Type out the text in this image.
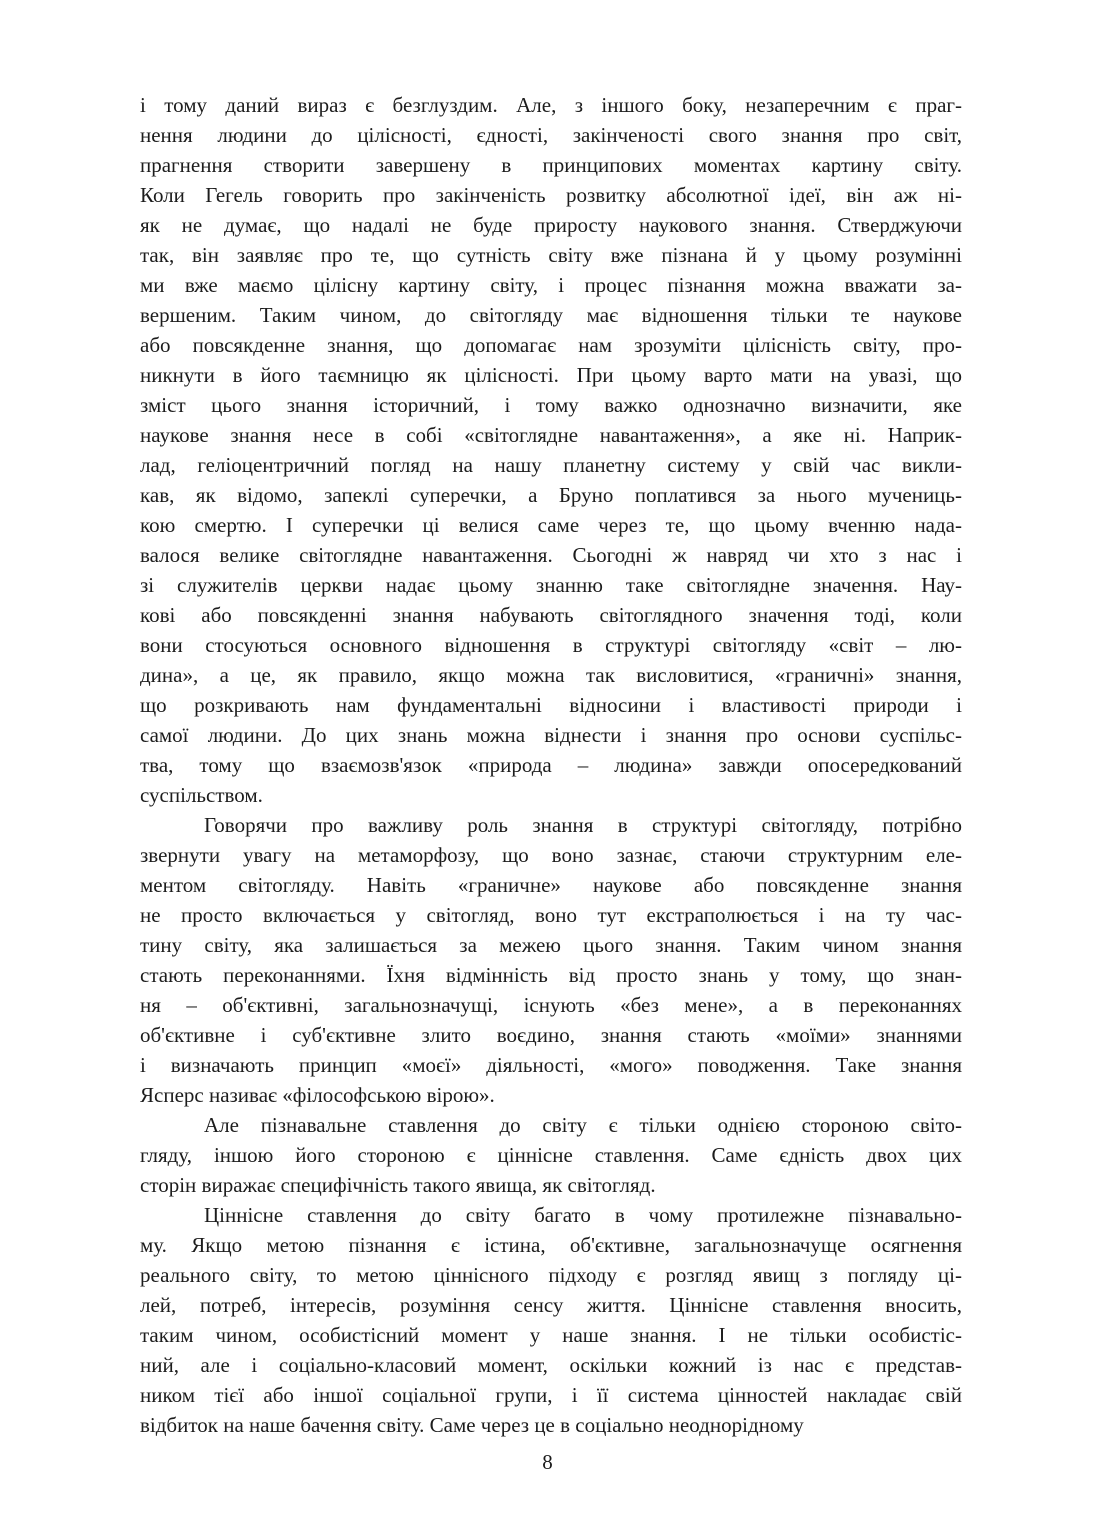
і тому даний вираз є безглуздим. Але, з іншого боку, незаперечним є праг-
нення людини до цілісності, єдності, закінченості свого знання про світ,
прагнення створити завершену в принципових моментах картину світу.
Коли Гегель говорить про закінченість розвитку абсолютної ідеї, він аж ні-
як не думає, що надалі не буде приросту наукового знання. Стверджуючи
так, він заявляє про те, що сутність світу вже пізнана й у цьому розумінні
ми вже маємо цілісну картину світу, і процес пізнання можна вважати за-
вершеним. Таким чином, до світогляду має відношення тільки те наукове
або повсякденне знання, що допомагає нам зрозуміти цілісність світу, про-
никнути в його таємницю як цілісності. При цьому варто мати на увазі, що
зміст цього знання історичний, і тому важко однозначно визначити, яке
наукове знання несе в собі «світоглядне навантаження», а яке ні. Наприк-
лад, геліоцентричний погляд на нашу планетну систему у свій час викли-
кав, як відомо, запеклі суперечки, а Бруно поплатився за нього мучениць-
кою смертю. І суперечки ці велися саме через те, що цьому вченню нада-
валося велике світоглядне навантаження. Сьогодні ж навряд чи хто з нас і
зі служителів церкви надає цьому знанню таке світоглядне значення. Нау-
кові або повсякденні знання набувають світоглядного значення тоді, коли
вони стосуються основного відношення в структурі світогляду «світ – лю-
дина», а це, як правило, якщо можна так висловитися, «граничні» знання,
що розкривають нам фундаментальні відносини і властивості природи і
самої людини. До цих знань можна віднести і знання про основи суспільс-
тва, тому що взаємозв'язок «природа – людина» завжди опосередкований
суспільством.
Говорячи про важливу роль знання в структурі світогляду, потрібно
звернути увагу на метаморфозу, що воно зазнає, стаючи структурним еле-
ментом світогляду. Навіть «граничне» наукове або повсякденне знання
не просто включається у світогляд, воно тут екстраполюється і на ту час-
тину світу, яка залишається за межею цього знання. Таким чином знання
стають переконаннями. Їхня відмінність від просто знань у тому, що знан-
ня – об'єктивні, загальнозначущі, існують «без мене», а в переконаннях
об'єктивне і суб'єктивне злито воєдино, знання стають «моїми» знаннями
і визначають принцип «моєї» діяльності, «мого» поводження. Таке знання
Ясперс називає «філософською вірою».
Але пізнавальне ставлення до світу є тільки однією стороною світо-
гляду, іншою його стороною є ціннісне ставлення. Саме єдність двох цих
сторін виражає специфічність такого явища, як світогляд.
Ціннісне ставлення до світу багато в чому протилежне пізнавально-
му. Якщо метою пізнання є істина, об'єктивне, загальнозначуще осягнення
реального світу, то метою ціннісного підходу є розгляд явищ з погляду ці-
лей, потреб, інтересів, розуміння сенсу життя. Ціннісне ставлення вносить,
таким чином, особистісний момент у наше знання. І не тільки особистіс-
ний, але і соціально-класовий момент, оскільки кожний із нас є представ-
ником тієї або іншої соціальної групи, і її система цінностей накладає свій
відбиток на наше бачення світу. Саме через це в соціально неоднорідному
8
